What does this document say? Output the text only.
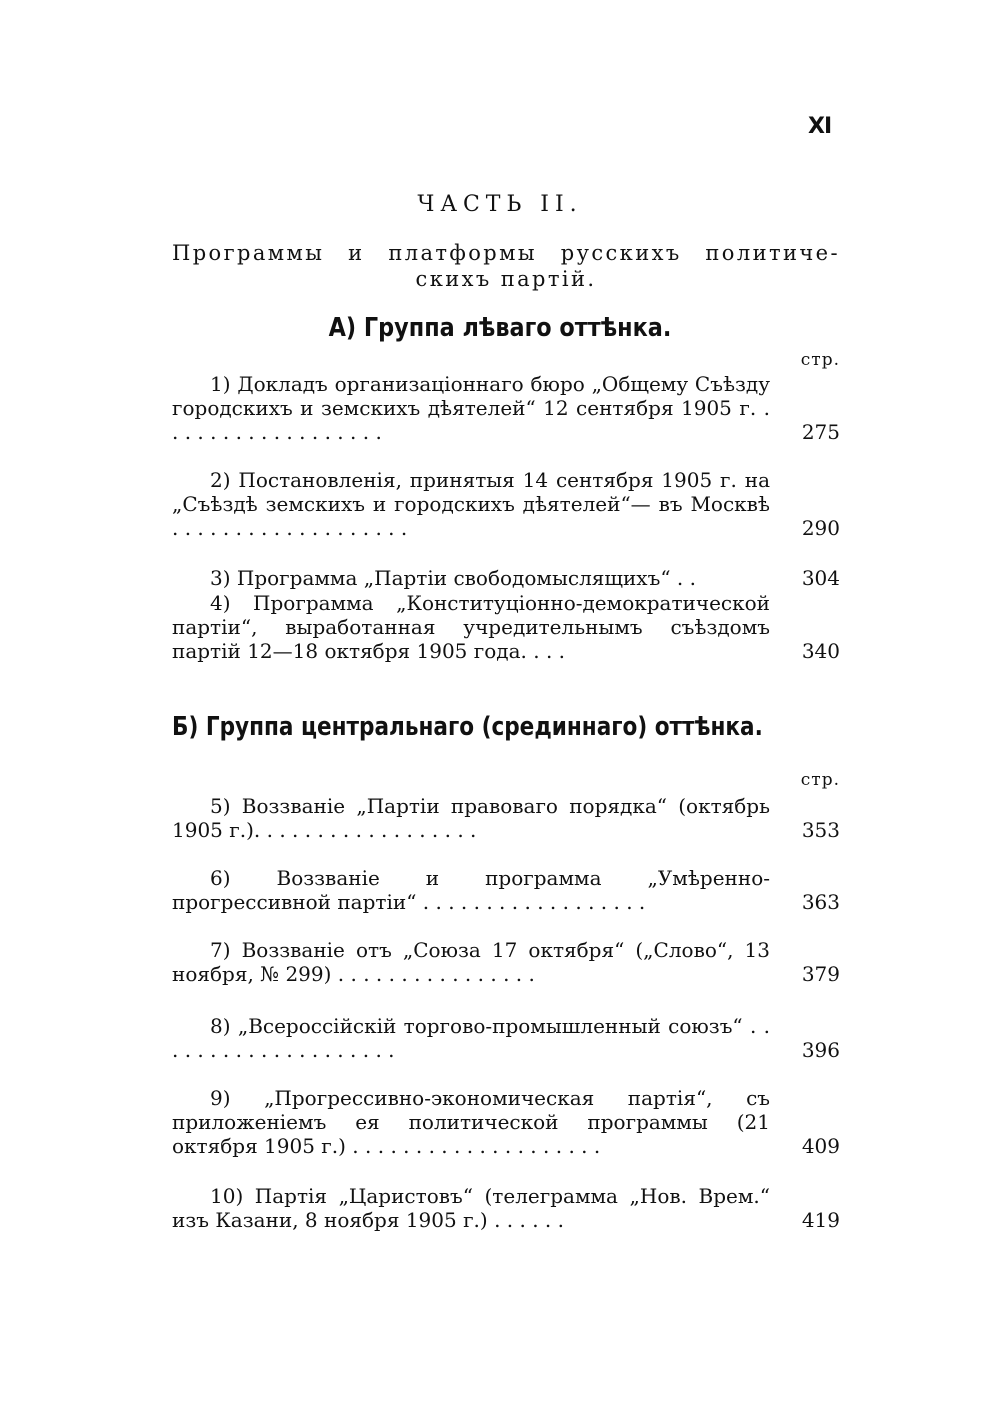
XI
ЧАСТЬ II.
Программы и платформы русскихъ политиче-
скихъ партій.
А) Группа лѣваго оттѣнка.
стр.
1) Докладъ организаціоннаго бюро „Общему Съѣзду городскихъ и земскихъ дѣятелей“ 12 сентября 1905 г. . . . . . . . . . . . . . . . . . .	275
2) Постановленія, принятыя 14 сентября 1905 г. на „Съѣздѣ земскихъ и городскихъ дѣятелей“— въ Москвѣ . . . . . . . . . . . . . . . . . . .	290
3) Программа „Партіи свободомыслящихъ“ . .	304
4) Программа „Конституціонно-демократической партіи“, выработанная учредительнымъ съѣздомъ партій 12—18 октября 1905 года. . . .	340
Б) Группа центральнаго (срединнаго) оттѣнка.
стр.
5) Воззваніе „Партіи правоваго порядка“ (октябрь 1905 г.). . . . . . . . . . . . . . . . . .	353
6) Воззваніе и программа „Умѣренно-прогрессивной партіи“ . . . . . . . . . . . . . . . . . .	363
7) Воззваніе отъ „Союза 17 октября“ („Слово“, 13 ноября, № 299) . . . . . . . . . . . . . . . .	379
8) „Всероссійскій торгово-промышленный союзъ“ . . . . . . . . . . . . . . . . . . . .	396
9) „Прогрессивно-экономическая партія“, съ приложеніемъ ея политической программы (21 октября 1905 г.) . . . . . . . . . . . . . . . . . . . .	409
10) Партія „Царистовъ“ (телеграмма „Нов. Врем.“ изъ Казани, 8 ноября 1905 г.) . . . . . .	419
